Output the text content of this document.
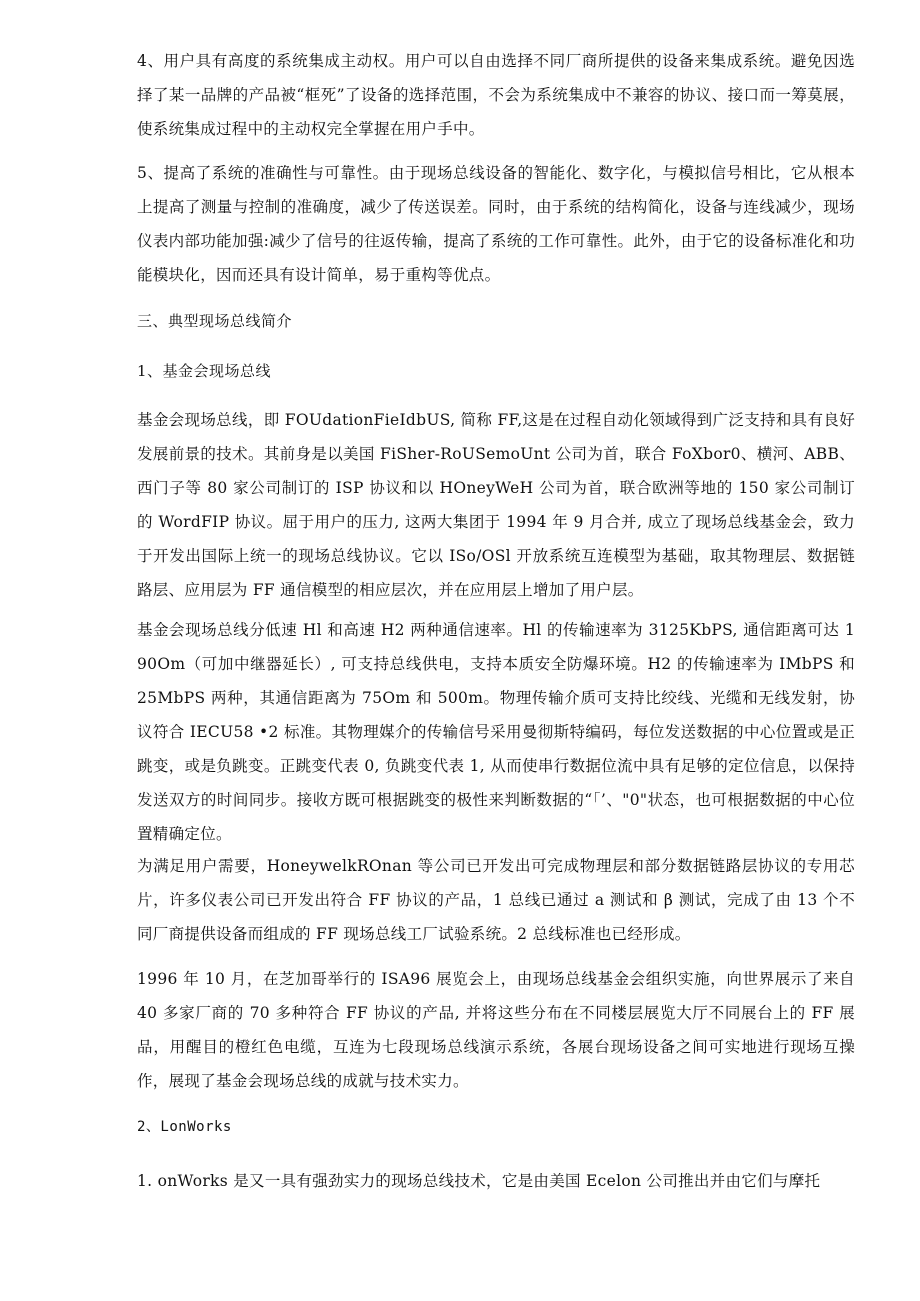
4、用户具有高度的系统集成主动权。用户可以自由选择不同厂商所提供的设备来集成系统。避免因选择了某一品牌的产品被“框死”了设备的选择范围，不会为系统集成中不兼容的协议、接口而一筹莫展，使系统集成过程中的主动权完全掌握在用户手中。

5、提高了系统的准确性与可靠性。由于现场总线设备的智能化、数字化，与模拟信号相比，它从根本上提高了测量与控制的准确度，减少了传送误差。同时，由于系统的结构简化，设备与连线减少，现场仪表内部功能加强:减少了信号的往返传输，提高了系统的工作可靠性。此外，由于它的设备标准化和功能模块化，因而还具有设计简单，易于重构等优点。

三、典型现场总线简介

1、基金会现场总线

基金会现场总线，即 FOUdationFieIdbUS, 简称 FF,这是在过程自动化领域得到广泛支持和具有良好发展前景的技术。其前身是以美国 FiSher-RoUSemoUnt 公司为首，联合 FoXbor0、横河、ABB、西门子等 80 家公司制订的 ISP 协议和以 HOneyWeH 公司为首，联合欧洲等地的 150 家公司制订的 WordFIP 协议。屈于用户的压力, 这两大集团于 1994 年 9 月合并, 成立了现场总线基金会，致力于开发出国际上统一的现场总线协议。它以 ISo/OSl 开放系统互连模型为基础，取其物理层、数据链路层、应用层为 FF 通信模型的相应层次，并在应用层上增加了用户层。

基金会现场总线分低速 Hl 和高速 H2 两种通信速率。Hl 的传输速率为 3125KbPS, 通信距离可达 190Om（可加中继器延长）, 可支持总线供电，支持本质安全防爆环境。H2 的传输速率为 IMbPS 和 25MbPS 两种，其通信距离为 75Om 和 500m。物理传输介质可支持比绞线、光缆和无线发射，协议符合 IECU58 •2 标准。其物理媒介的传输信号采用曼彻斯特编码，每位发送数据的中心位置或是正跳变，或是负跳变。正跳变代表 0, 负跳变代表 1, 从而使串行数据位流中具有足够的定位信息，以保持发送双方的时间同步。接收方既可根据跳变的极性来判断数据的“「’、"0"状态，也可根据数据的中心位置精确定位。

为满足用户需要，HoneywelkROnan 等公司已开发出可完成物理层和部分数据链路层协议的专用芯片，许多仪表公司已开发出符合 FF 协议的产品，1 总线已通过 a 测试和 β 测试，完成了由 13 个不同厂商提供设备而组成的 FF 现场总线工厂试验系统。2 总线标准也已经形成。

1996 年 10 月，在芝加哥举行的 ISA96 展览会上，由现场总线基金会组织实施，向世界展示了来自 40 多家厂商的 70 多种符合 FF 协议的产品, 并将这些分布在不同楼层展览大厅不同展台上的 FF 展品，用醒目的橙红色电缆，互连为七段现场总线演示系统，各展台现场设备之间可实地进行现场互操作，展现了基金会现场总线的成就与技术实力。

2、LonWorks

1. onWorks 是又一具有强劲实力的现场总线技术，它是由美国 Ecelon 公司推出并由它们与摩托
